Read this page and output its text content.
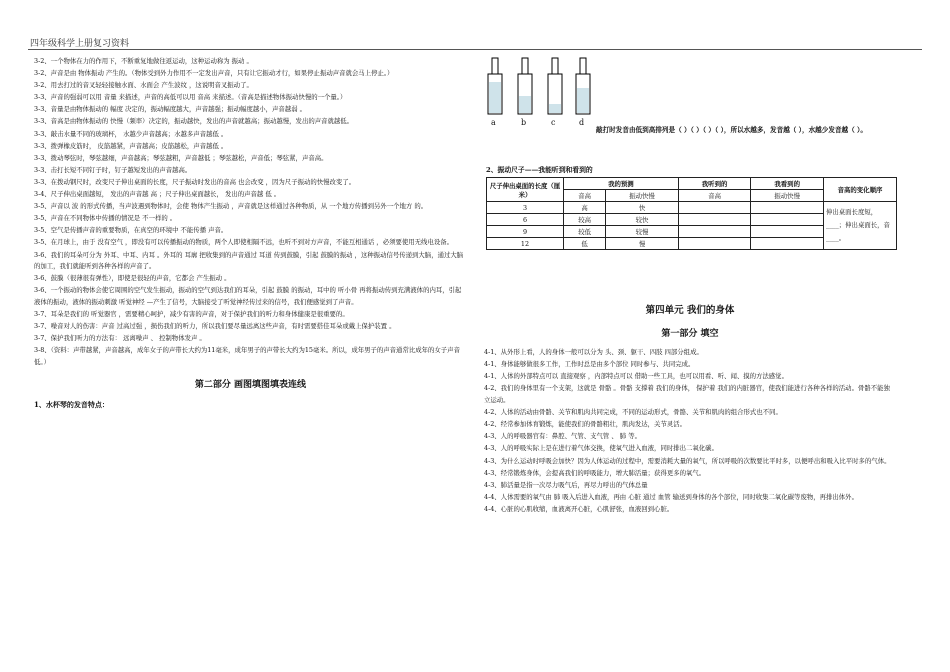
四年级科学上册复习资料
3-2、一个物体在力的作用下，不断重复地做往返运动，这种运动称为 振动 。
3-2、声音是由 物体振动 产生的。（物体受到外力作用不一定发出声音，只有让它振动才行，如果停止振动声音就会马上停止。）
3-2、用去打过的音叉轻轻接触水面、水面会 产生波纹 ，这说明音叉振动了。
3-3、声音的强弱可以用 音量 来描述，声音的高低可以用 音高 来描述。（音高是描述物体振动快慢的一个量。）
3-3、音量是由物体振动的 幅度 决定的，振动幅度越大，声音越强；振动幅度越小，声音越弱 。
3-3、音高是由物体振动的 快慢（频率）决定的，振动越快，发出的声音就越高；振动越慢，发出的声音就越低。
3-3、敲击水量不同的玻璃杯， 水越少声音越高；水越多声音越低 。
3-3、拨弹橡皮筋时， 皮筋越紧，声音越高；皮筋越松，声音越低 。
3-3、拨动琴弦时，琴弦越细，声音越高；琴弦越粗，声音越低 ；琴弦越松，声音低；琴弦紧，声音高。
3-3、击打长短不同钉子时，钉子越短发出的声音越高。
3-3、在拨动钢尺时，改变尺子伸出桌面的长度，尺子振动时发出的音高 也会改变 ，因为尺子振动的快慢改变了。
3-4、尺子伸出桌面越短， 发出的声音越 高 ；尺子伸出桌面越长， 发出的声音越 低 。
3-5、声音以 波 的形式传播，当声波遇到物体时，会使 物体产生振动 ，声音就是这样通过各种物质，从 一个地方传播到另外一个地方 的。
3-5、声音在不同物体中传播的情况是 不一样的 。
3-5、空气是传播声音的重要物质，在真空的环境中 不能传播 声音。
3-5、在月球上，由于 没有空气 ，即没有可以传播振动的物质，两个人即使相隔不远，也听不到对方声音，不能互相通话 ，必须要使用无线电设备。
3-6、我们的耳朵可分为 外耳、中耳、内耳 。外耳的 耳廓 把收集到的声音通过 耳道 传到鼓膜，引起 鼓膜的振动 ，这种振动信号传递到大脑，通过大脑的加工，我们就能听到各种各样的声音了。
3-6、鼓膜（很薄很有弹性），即使是很轻的声音，它都会 产生振动 。
3-6、一个振动的物体会使它周围的空气发生振动，振动的空气到达我们的耳朵，引起 鼓膜 的振动，耳中的 听小骨 再将振动传到充满液体的内耳，引起液体的振动，液体的振动刺激 听觉神经 —产生了信号，大脑接受了听觉神经传过来的信号，我们便感觉到了声音。
3-7、耳朵是我们的 听觉器官 ，需要精心呵护，减少有害的声音，对于保护我们的听力和身体健康是很重要的。
3-7、噪音对人的伤害：声音 过高过强 ，损伤我们的听力，所以我们要尽量远离这些声音，有时需要搭佳耳朵或戴上保护装置 。
3-7、保护我们听力的方法有： 远离噪声 、 控制物体发声 。
3-8、（资料：声带越紧，声音越高，成年女子的声带长大约为11毫米，成年男子的声带长大约为15毫米。所以，成年男子的声音通常比成年的女子声音低。）
第二部分 画图填图填表连线
1、水杯琴的发音特点：
a	b	c	d
敲打时发音由低到高排列是（ ）（ ）（ ）（ ），所以水越多，发音越（ ），水越少发音越（ ）。
2、振动尺子——我能听到和看到的
尺子伸出桌面的长度（厘米）	我的预测		我听到的	我看到的	音高的变化顺序
	音高	振动快慢	音高	振动快慢	
3	高	快			伸出桌面长度短，____；伸出桌面长，音____。
6	较高	较快			
9	较低	较慢			
12	低	慢			
第四单元 我们的身体
第一部分 填空
4-1、从外形上看，人的身体一般可以分为 头、颈、躯干、四肢 四部分组成。
4-1、身体能够做很多工作，工作时总是由多个部位 同时参与、共同完成。
4-1、人体的外部特点可以 直接观察 ，内部特点可以 借助一些工具，也可以用看、听、闻、摸的方法感觉。
4-2、我们的身体里有一个支架，这就是 骨骼 。骨骼 支撑着 我们的身体， 保护着 我们的内脏器官，使我们能进行各种各样的活动。骨骼不能独立运动。
4-2、人体的活动由骨骼、关节和肌肉共同完成，不同的运动形式，骨骼、关节和肌肉的组合形式也不同。
4-2、经常参加体育锻炼，能使我们的骨骼粗壮，肌肉发达，关节灵活。
4-3、人的呼吸器官有：鼻腔、气管、支气管 、 肺 等。
4-3、人的呼吸实际上是在进行着气体交换，使氧气进入血液，同时排出二氧化碳。
4-3、为什么运动时呼吸会加快？因为人体运动的过程中，需要消耗大量的氧气，所以呼吸的次数要比平时多，以便呼出和吸入比平时多的气体。
4-3、经常锻炼身体，会提高我们的呼吸能力，增大肺活量；获得更多的氧气。
4-3、肺活量是指一次尽力吸气后，再尽力呼出的气体总量
4-4、人体需要的氧气由 肺 吸入后进入血液，再由 心脏 通过 血管 输送到身体的各个部位，同时收集二氧化碳等废物，再排出体外。
4-4、心脏的心肌收缩，血液离开心脏，心肌舒张，血液回到心脏。
